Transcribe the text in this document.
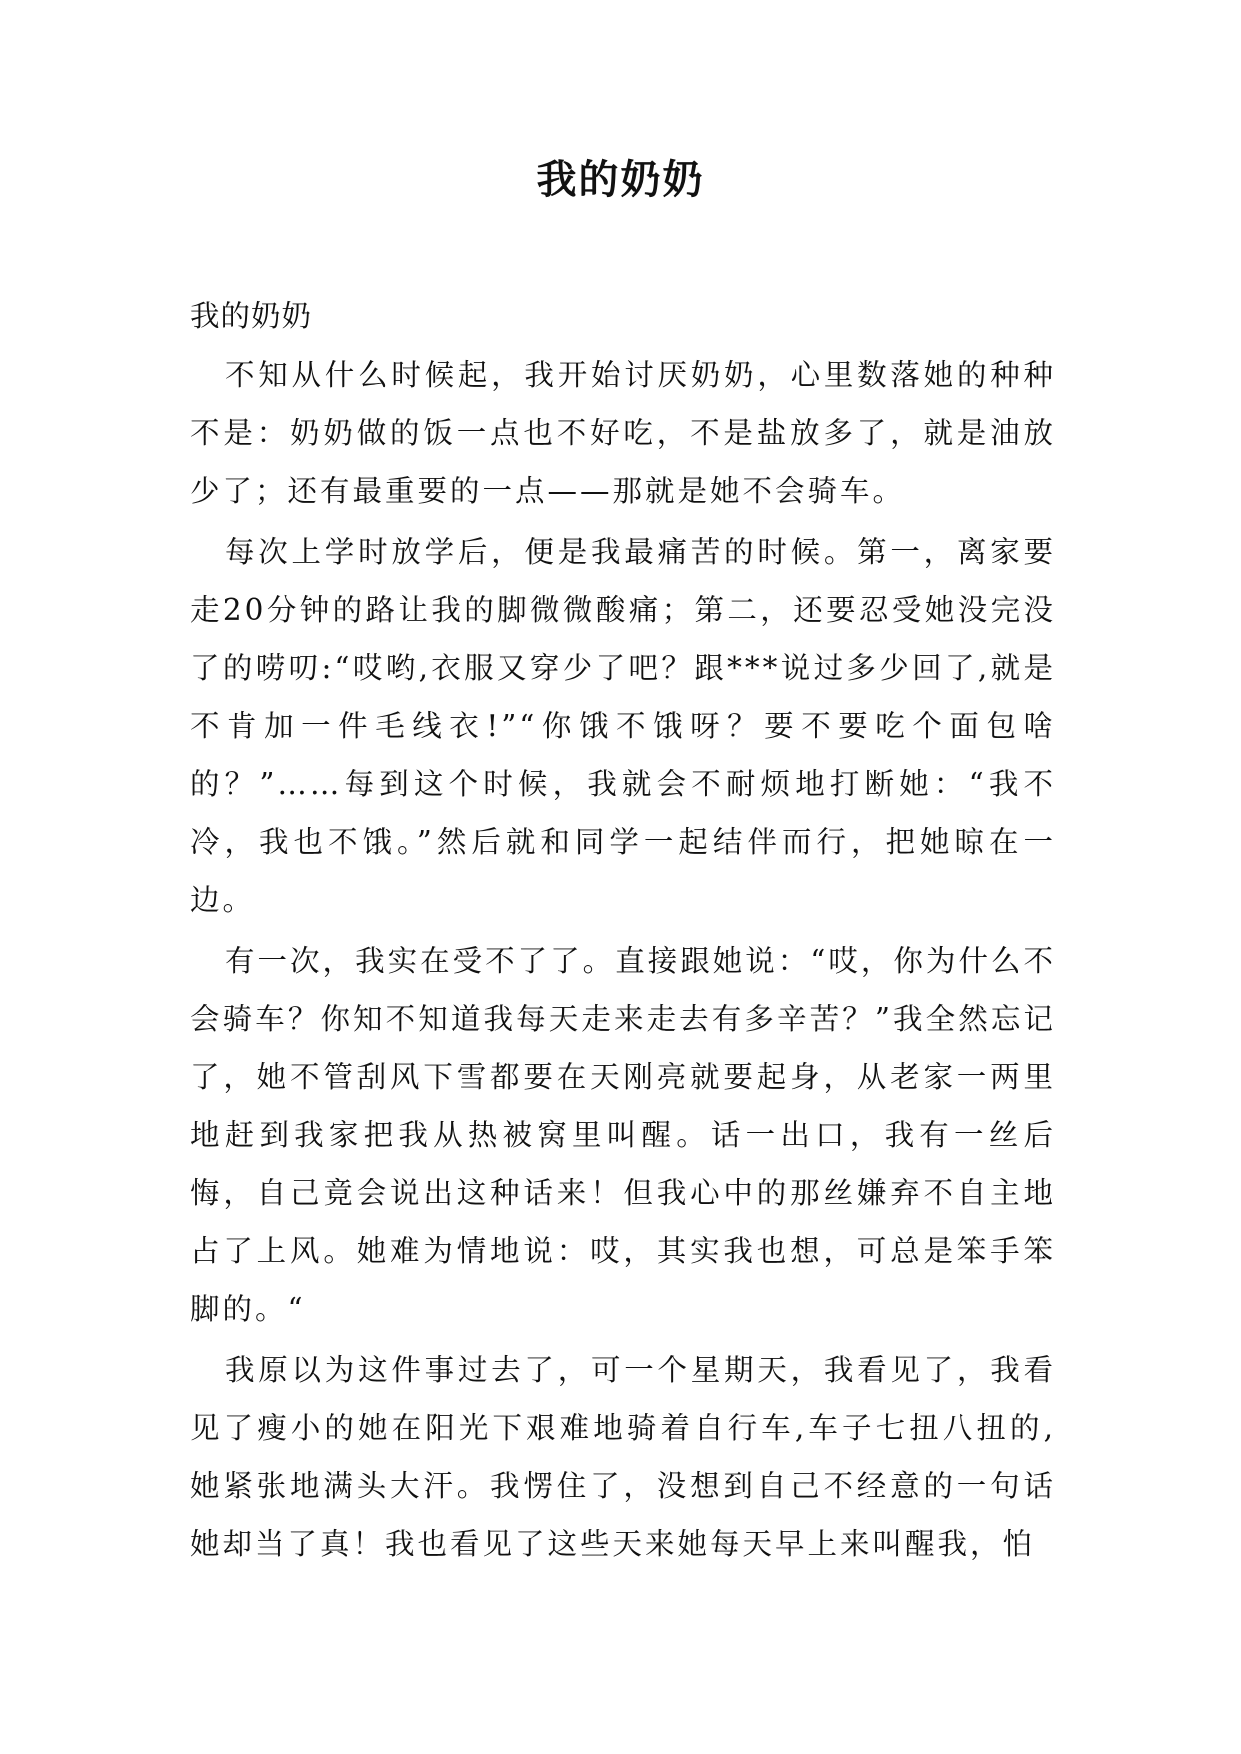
我的奶奶

我的奶奶

不知从什么时候起，我开始讨厌奶奶，心里数落她的种种不是：奶奶做的饭一点也不好吃，不是盐放多了，就是油放少了；还有最重要的一点——那就是她不会骑车。

每次上学时放学后，便是我最痛苦的时候。第一，离家要走20分钟的路让我的脚微微酸痛；第二，还要忍受她没完没了的唠叨:“哎哟,衣服又穿少了吧？跟***说过多少回了,就是不肯加一件毛线衣!”“你饿不饿呀？要不要吃个面包啥的？”……每到这个时候，我就会不耐烦地打断她：“我不冷，我也不饿。”然后就和同学一起结伴而行，把她晾在一边。

有一次，我实在受不了了。直接跟她说：“哎，你为什么不会骑车？你知不知道我每天走来走去有多辛苦？”我全然忘记了，她不管刮风下雪都要在天刚亮就要起身，从老家一两里地赶到我家把我从热被窝里叫醒。话一出口，我有一丝后悔，自己竟会说出这种话来！但我心中的那丝嫌弃不自主地占了上风。她难为情地说：哎，其实我也想，可总是笨手笨脚的。“

我原以为这件事过去了，可一个星期天，我看见了，我看见了瘦小的她在阳光下艰难地骑着自行车,车子七扭八扭的,她紧张地满头大汗。我愣住了，没想到自己不经意的一句话她却当了真！我也看见了这些天来她每天早上来叫醒我，怕
